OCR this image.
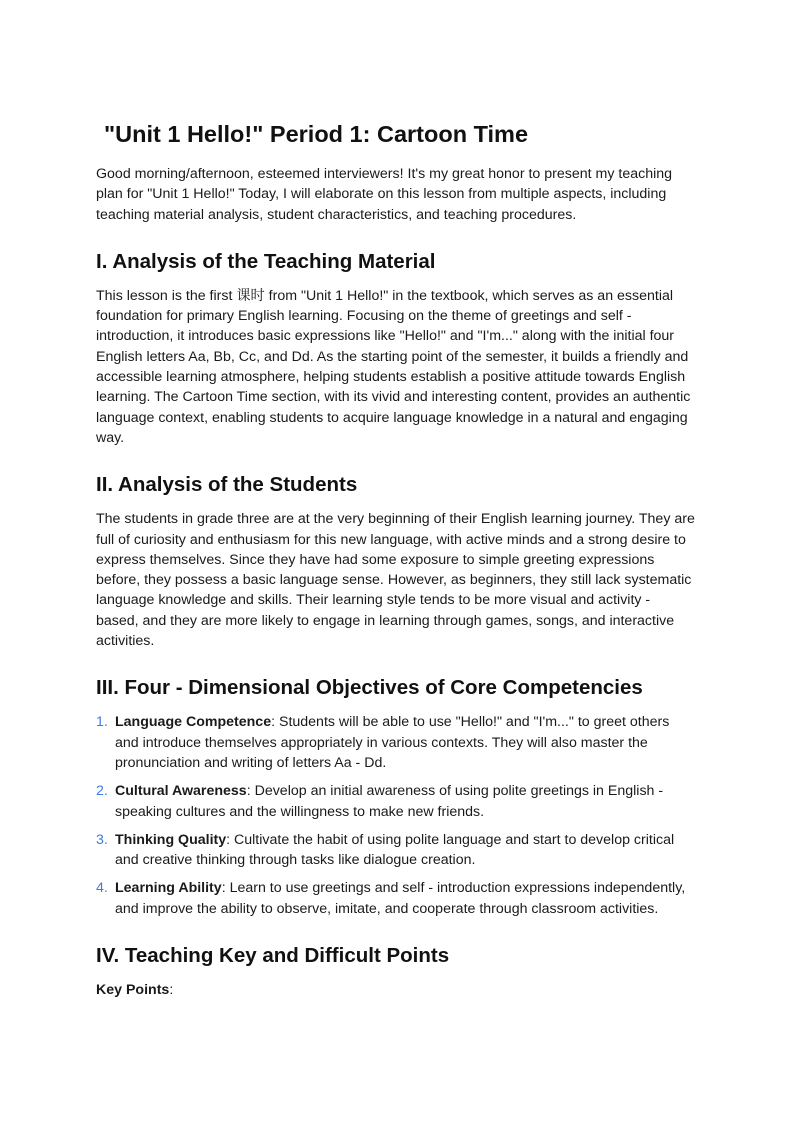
"Unit 1 Hello!" Period 1: Cartoon Time

Good morning/afternoon, esteemed interviewers! It's my great honor to present my teaching plan for "Unit 1 Hello!" Today, I will elaborate on this lesson from multiple aspects, including teaching material analysis, student characteristics, and teaching procedures.

I. Analysis of the Teaching Material

This lesson is the first 课时 from "Unit 1 Hello!" in the textbook, which serves as an essential foundation for primary English learning. Focusing on the theme of greetings and self - introduction, it introduces basic expressions like "Hello!" and "I'm..." along with the initial four English letters Aa, Bb, Cc, and Dd. As the starting point of the semester, it builds a friendly and accessible learning atmosphere, helping students establish a positive attitude towards English learning. The Cartoon Time section, with its vivid and interesting content, provides an authentic language context, enabling students to acquire language knowledge in a natural and engaging way.

II. Analysis of the Students

The students in grade three are at the very beginning of their English learning journey. They are full of curiosity and enthusiasm for this new language, with active minds and a strong desire to express themselves. Since they have had some exposure to simple greeting expressions before, they possess a basic language sense. However, as beginners, they still lack systematic language knowledge and skills. Their learning style tends to be more visual and activity - based, and they are more likely to engage in learning through games, songs, and interactive activities.

III. Four - Dimensional Objectives of Core Competencies
1. Language Competence: Students will be able to use "Hello!" and "I'm..." to greet others and introduce themselves appropriately in various contexts. They will also master the pronunciation and writing of letters Aa - Dd.
2. Cultural Awareness: Develop an initial awareness of using polite greetings in English - speaking cultures and the willingness to make new friends.
3. Thinking Quality: Cultivate the habit of using polite language and start to develop critical and creative thinking through tasks like dialogue creation.
4. Learning Ability: Learn to use greetings and self - introduction expressions independently, and improve the ability to observe, imitate, and cooperate through classroom activities.
IV. Teaching Key and Difficult Points
Key Points:
